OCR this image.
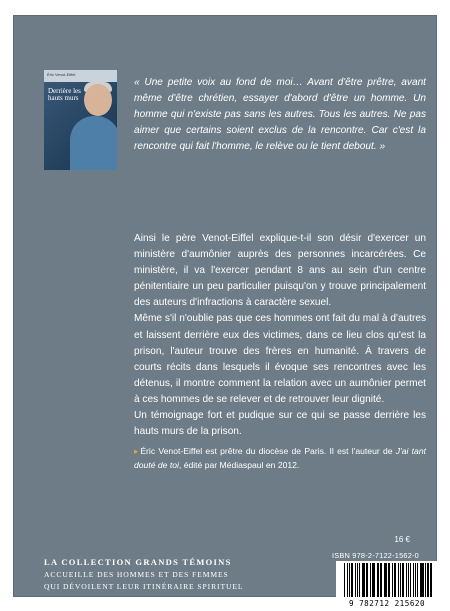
Éric Venot-Eiffel
Derrière les hauts murs
« Une petite voix au fond de moi… Avant d'être prêtre, avant même d'être chrétien, essayer d'abord d'être un homme. Un homme qui n'existe pas sans les autres. Tous les autres. Ne pas aimer que certains soient exclus de la rencontre. Car c'est la rencontre qui fait l'homme, le relève ou le tient debout. »

Ainsi le père Venot-Eiffel explique-t-il son désir d'exercer un ministère d'aumônier auprès des personnes incarcérées. Ce ministère, il va l'exercer pendant 8 ans au sein d'un centre pénitentiaire un peu particulier puisqu'on y trouve principalement des auteurs d'infractions à caractère sexuel.

Même s'il n'oublie pas que ces hommes ont fait du mal à d'autres et laissent derrière eux des victimes, dans ce lieu clos qu'est la prison, l'auteur trouve des frères en humanité. À travers de courts récits dans lesquels il évoque ses rencontres avec les détenus, il montre comment la relation avec un aumônier permet à ces hommes de se relever et de retrouver leur dignité.

Un témoignage fort et pudique sur ce qui se passe derrière les hauts murs de la prison.

▸ Éric Venot-Eiffel est prêtre du diocèse de Paris. Il est l'auteur de J'ai tant douté de toi, édité par Médiaspaul en 2012.
16 €
LA COLLECTION GRANDS TÉMOINS
ACCUEILLE DES HOMMES ET DES FEMMES
QUI DÉVOILENT LEUR ITINÉRAIRE SPIRITUEL
ISBN 978-2-7122-1562-0
9 782712 215620
